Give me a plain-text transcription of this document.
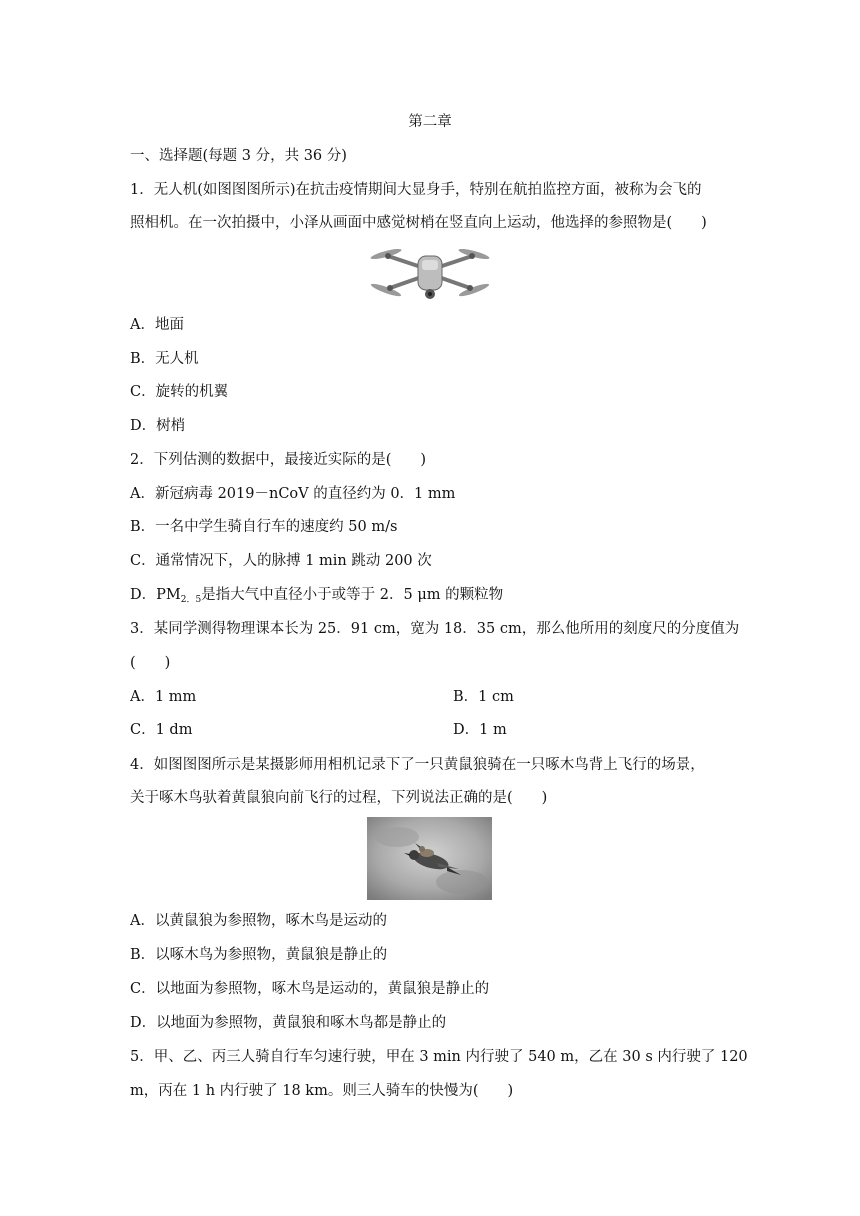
第二章
一、选择题(每题 3 分，共 36 分)
1．无人机(如图图图所示)在抗击疫情期间大显身手，特别在航拍监控方面，被称为会飞的
照相机。在一次拍摄中，小泽从画面中感觉树梢在竖直向上运动，他选择的参照物是(　　)
A．地面
B．无人机
C．旋转的机翼
D．树梢
2．下列估测的数据中，最接近实际的是(　　)
A．新冠病毒 2019－nCoV 的直径约为 0．1 mm
B．一名中学生骑自行车的速度约 50 m/s
C．通常情况下，人的脉搏 1 min 跳动 200 次
D．$PM_{2.5}$是指大气中直径小于或等于 2．5 μm 的颗粒物
3．某同学测得物理课本长为 25．91 cm，宽为 18．35 cm，那么他所用的刻度尺的分度值为
(　　)
A．1 mm	B．1 cm
C．1 dm	D．1 m
4．如图图图所示是某摄影师用相机记录下了一只黄鼠狼骑在一只啄木鸟背上飞行的场景，
关于啄木鸟驮着黄鼠狼向前飞行的过程，下列说法正确的是(　　)
A．以黄鼠狼为参照物，啄木鸟是运动的
B．以啄木鸟为参照物，黄鼠狼是静止的
C．以地面为参照物，啄木鸟是运动的，黄鼠狼是静止的
D．以地面为参照物，黄鼠狼和啄木鸟都是静止的
5．甲、乙、丙三人骑自行车匀速行驶，甲在 3 min 内行驶了 540 m，乙在 30 s 内行驶了 120
m，丙在 1 h 内行驶了 18 km。则三人骑车的快慢为(　　)
